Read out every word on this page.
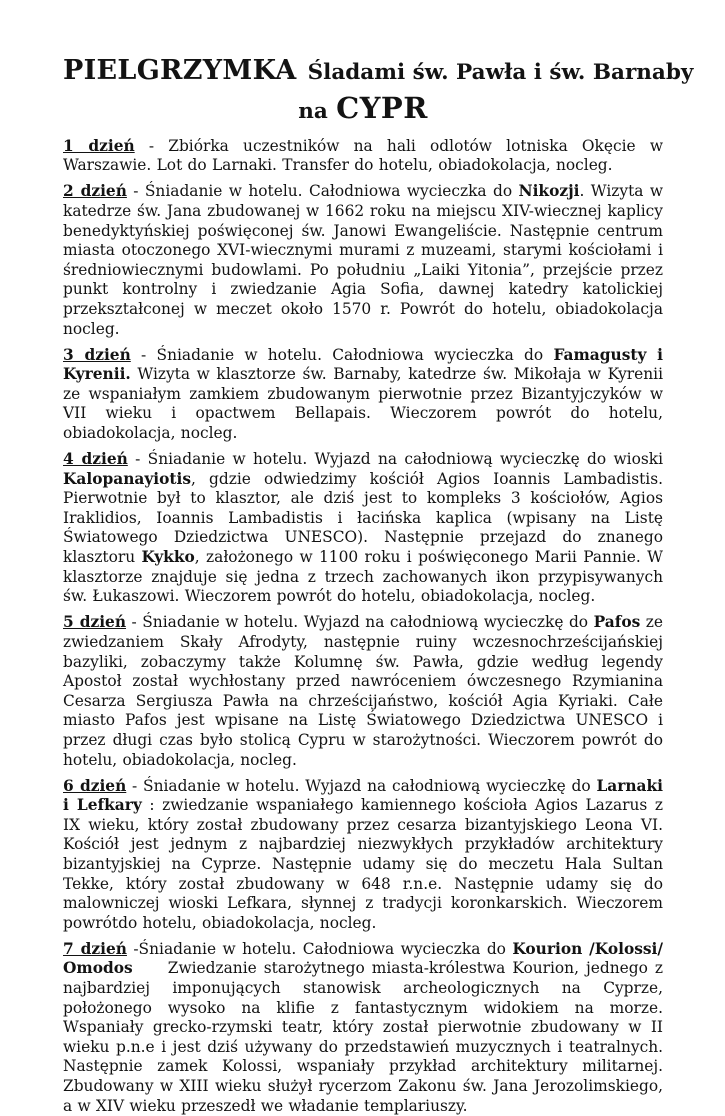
PIELGRZYMKA Śladami św. Pawła i św. Barnaby
na CYPR

1 dzień - Zbiórka uczestników na hali odlotów lotniska Okęcie w Warszawie. Lot do Larnaki. Transfer do hotelu, obiadokolacja, nocleg.

2 dzień - Śniadanie w hotelu. Całodniowa wycieczka do Nikozji. Wizyta w katedrze św. Jana zbudowanej w 1662 roku na miejscu XIV-wiecznej kaplicy benedyktyńskiej poświęconej św. Janowi Ewangeliście. Następnie centrum miasta otoczonego XVI-wiecznymi murami z muzeami, starymi kościołami i średniowiecznymi budowlami. Po południu „Laiki Yitonia”, przejście przez punkt kontrolny i zwiedzanie Agia Sofia, dawnej katedry katolickiej przekształconej w meczet około 1570 r. Powrót do hotelu, obiadokolacja nocleg.

3 dzień - Śniadanie w hotelu. Całodniowa wycieczka do Famagusty i Kyrenii. Wizyta w klasztorze św. Barnaby, katedrze św. Mikołaja w Kyrenii ze wspaniałym zamkiem zbudowanym pierwotnie przez Bizantyjczyków w VII wieku i opactwem Bellapais. Wieczorem powrót do hotelu, obiadokolacja, nocleg.

4 dzień - Śniadanie w hotelu. Wyjazd na całodniową wycieczkę do wioski Kalopanayiotis, gdzie odwiedzimy kościół Agios Ioannis Lambadistis. Pierwotnie był to klasztor, ale dziś jest to kompleks 3 kościołów, Agios Iraklidios, Ioannis Lambadistis i łacińska kaplica (wpisany na Listę Światowego Dziedzictwa UNESCO). Następnie przejazd do znanego klasztoru Kykko, założonego w 1100 roku i poświęconego Marii Pannie. W klasztorze znajduje się jedna z trzech zachowanych ikon przypisywanych św. Łukaszowi. Wieczorem powrót do hotelu, obiadokolacja, nocleg.

5 dzień - Śniadanie w hotelu. Wyjazd na całodniową wycieczkę do Pafos ze zwiedzaniem Skały Afrodyty, następnie ruiny wczesnochrześcijańskiej bazyliki, zobaczymy także Kolumnę św. Pawła, gdzie według legendy Apostoł został wychłostany przed nawróceniem ówczesnego Rzymianina Cesarza Sergiusza Pawła na chrześcijaństwo, kościół Agia Kyriaki. Całe miasto Pafos jest wpisane na Listę Światowego Dziedzictwa UNESCO i przez długi czas było stolicą Cypru w starożytności. Wieczorem powrót do hotelu, obiadokolacja, nocleg.

6 dzień - Śniadanie w hotelu. Wyjazd na całodniową wycieczkę do Larnaki i Lefkary : zwiedzanie wspaniałego kamiennego kościoła Agios Lazarus z IX wieku, który został zbudowany przez cesarza bizantyjskiego Leona VI. Kościół jest jednym z najbardziej niezwykłych przykładów architektury bizantyjskiej na Cyprze. Następnie udamy się do meczetu Hala Sultan Tekke, który został zbudowany w 648 r.n.e. Następnie udamy się do malowniczej wioski Lefkara, słynnej z tradycji koronkarskich. Wieczorem powrótdo hotelu, obiadokolacja, nocleg.

7 dzień -Śniadanie w hotelu. Całodniowa wycieczka do Kourion /Kolossi/ Omodos     Zwiedzanie starożytnego miasta-królestwa Kourion, jednego z najbardziej imponujących stanowisk archeologicznych na Cyprze, położonego wysoko na klifie z fantastycznym widokiem na morze. Wspaniały grecko-rzymski teatr, który został pierwotnie zbudowany w II wieku p.n.e i jest dziś używany do przedstawień muzycznych i teatralnych. Następnie zamek Kolossi, wspaniały przykład architektury militarnej. Zbudowany w XIII wieku służył rycerzom Zakonu św. Jana Jerozolimskiego, a w XIV wieku przeszedł we władanie templariuszy.
